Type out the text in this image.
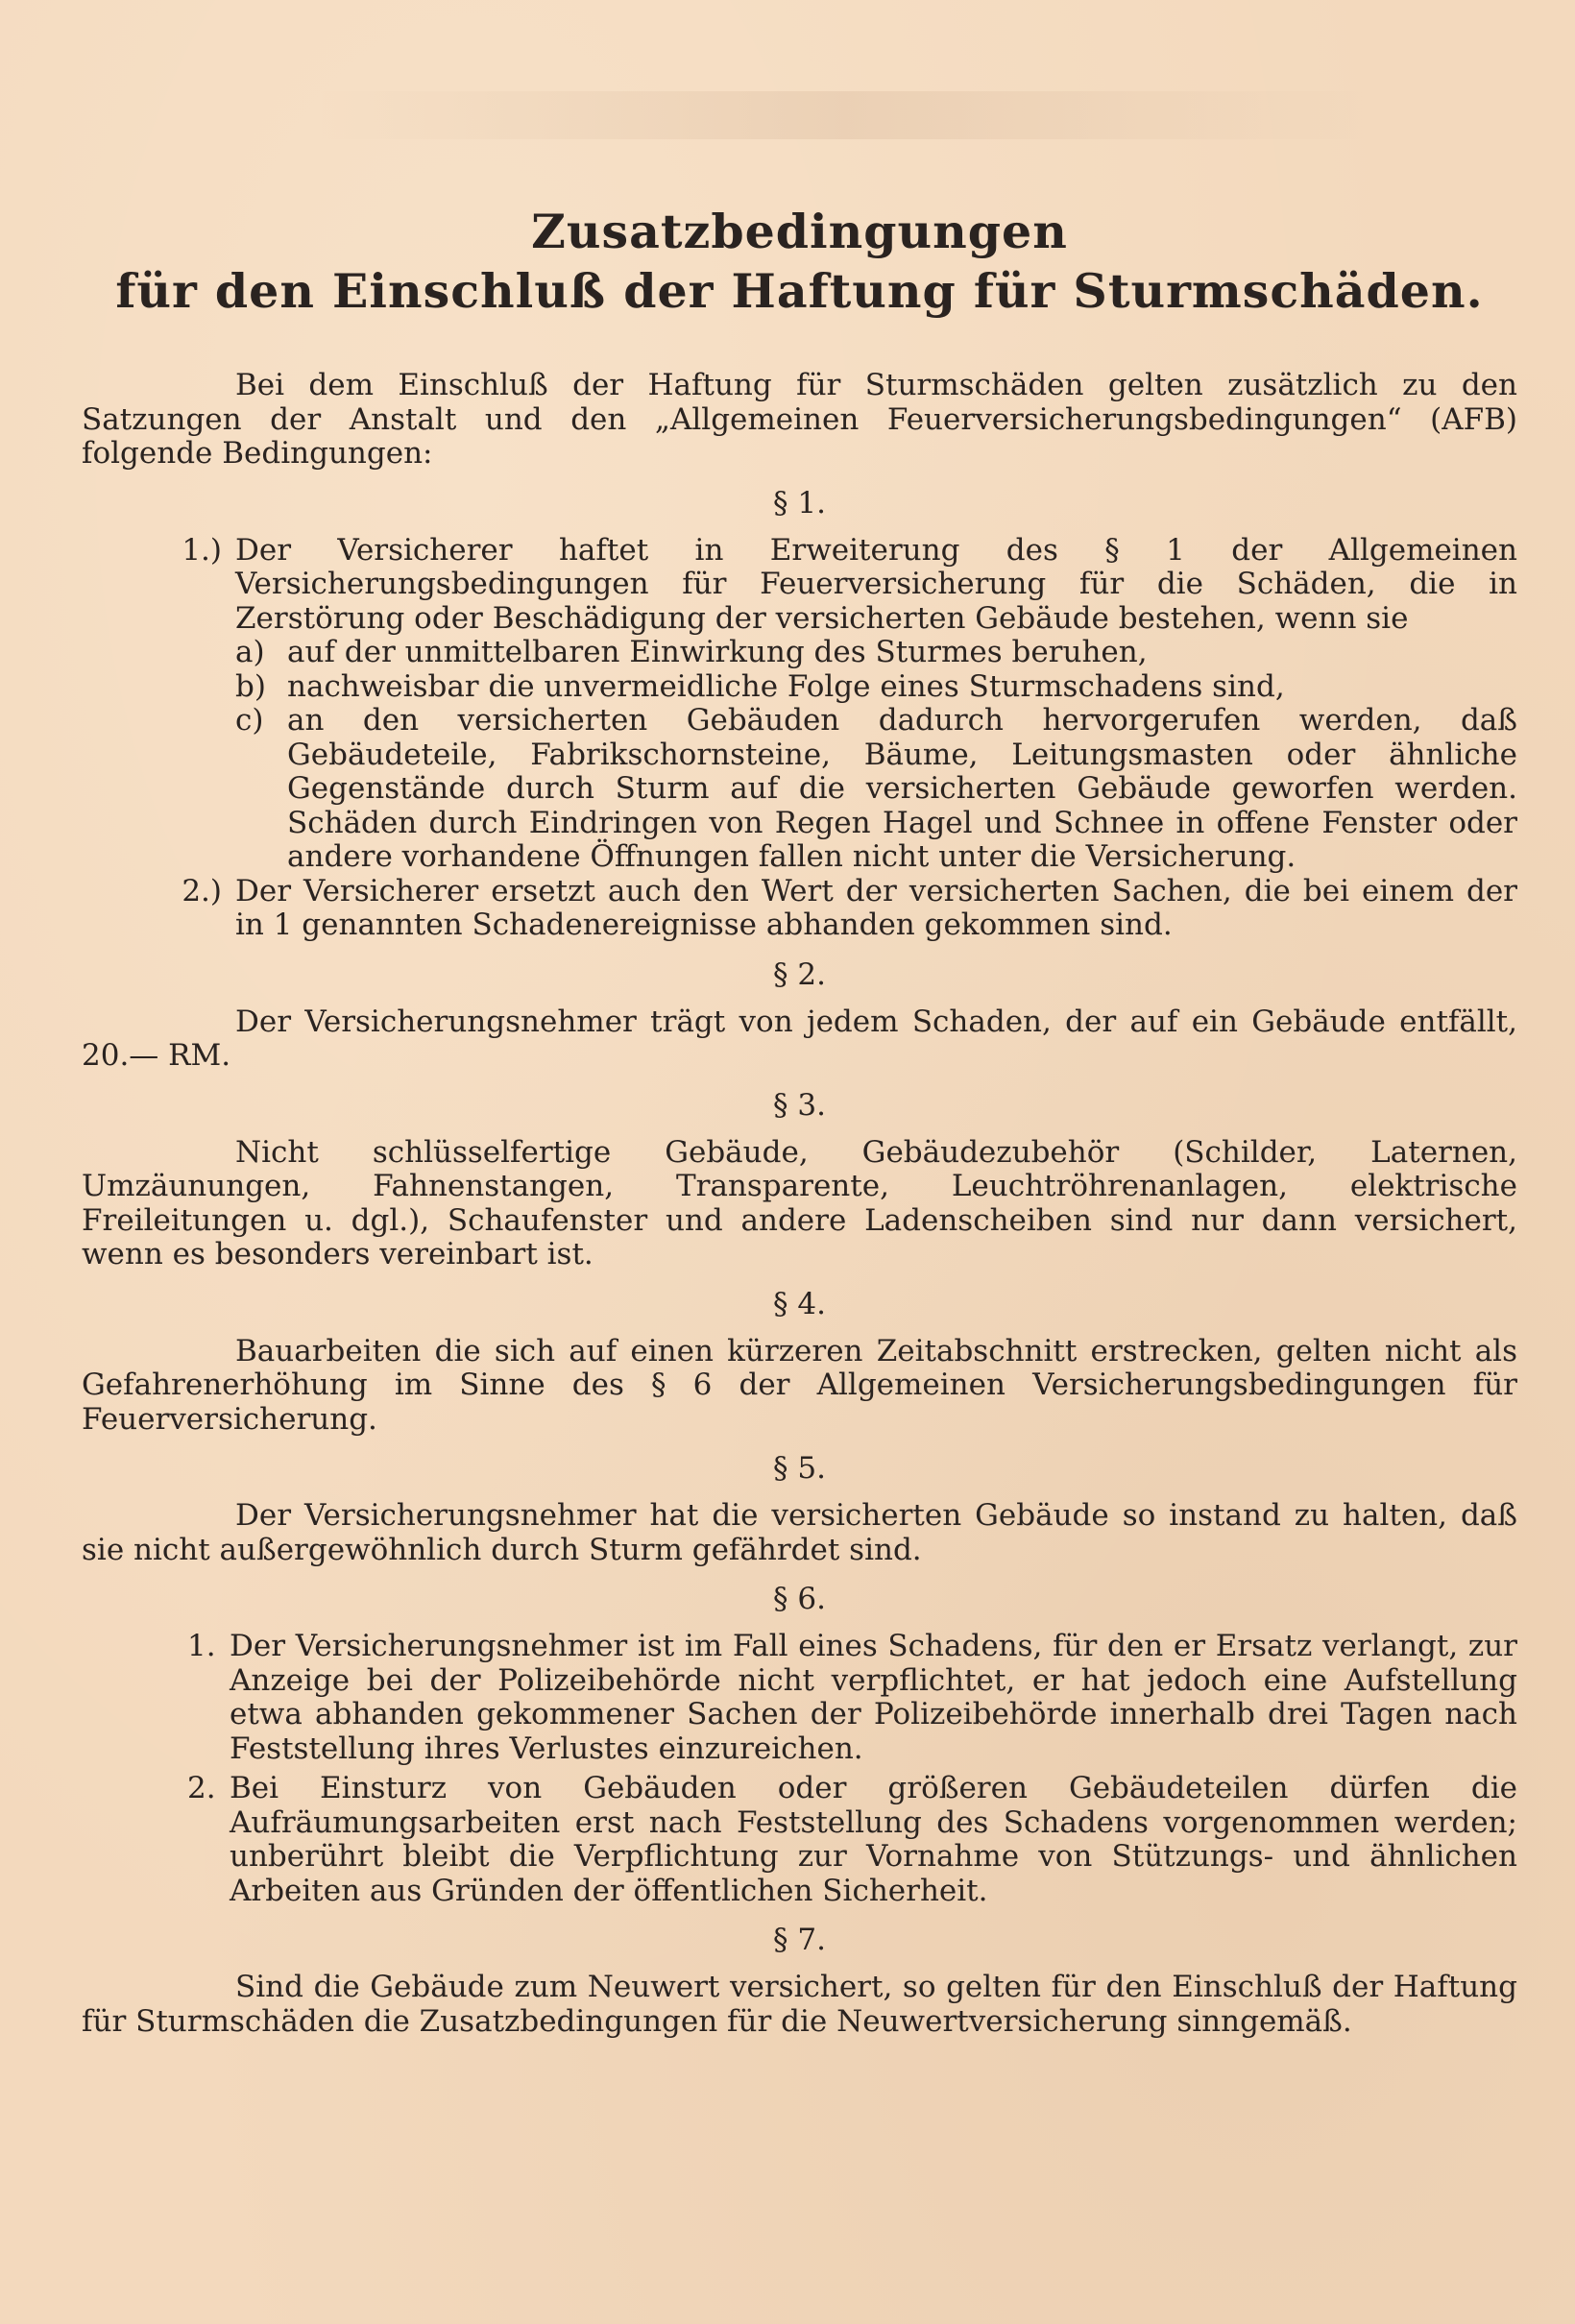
Zusatzbedingungen
für den Einschluß der Haftung für Sturmschäden.

Bei dem Einschluß der Haftung für Sturmschäden gelten zusätzlich zu den Satzungen der Anstalt und den „Allgemeinen Feuerversicherungsbedingungen“ (AFB) folgende Bedingungen:

§ 1.
1.) Der Versicherer haftet in Erweiterung des § 1 der Allgemeinen Versicherungsbedingungen für Feuerversicherung für die Schäden, die in Zerstörung oder Beschädigung der versicherten Gebäude bestehen, wenn sie
a) auf der unmittelbaren Einwirkung des Sturmes beruhen,
b) nachweisbar die unvermeidliche Folge eines Sturmschadens sind,
c) an den versicherten Gebäuden dadurch hervorgerufen werden, daß Gebäudeteile, Fabrikschornsteine, Bäume, Leitungsmasten oder ähnliche Gegenstände durch Sturm auf die versicherten Gebäude geworfen werden. Schäden durch Eindringen von Regen Hagel und Schnee in offene Fenster oder andere vorhandene Öffnungen fallen nicht unter die Versicherung.
2.) Der Versicherer ersetzt auch den Wert der versicherten Sachen, die bei einem der in 1 genannten Schadenereignisse abhanden gekommen sind.
§ 2.

Der Versicherungsnehmer trägt von jedem Schaden, der auf ein Gebäude entfällt, 20.— RM.

§ 3.

Nicht schlüsselfertige Gebäude, Gebäudezubehör (Schilder, Laternen, Umzäunungen, Fahnenstangen, Transparente, Leuchtröhrenanlagen, elektrische Freileitungen u. dgl.), Schaufenster und andere Ladenscheiben sind nur dann versichert, wenn es besonders vereinbart ist.

§ 4.

Bauarbeiten die sich auf einen kürzeren Zeitabschnitt erstrecken, gelten nicht als Gefahrenerhöhung im Sinne des § 6 der Allgemeinen Versicherungsbedingungen für Feuerversicherung.

§ 5.

Der Versicherungsnehmer hat die versicherten Gebäude so instand zu halten, daß sie nicht außergewöhnlich durch Sturm gefährdet sind.

§ 6.
1. Der Versicherungsnehmer ist im Fall eines Schadens, für den er Ersatz verlangt, zur Anzeige bei der Polizeibehörde nicht verpflichtet, er hat jedoch eine Aufstellung etwa abhanden gekommener Sachen der Polizeibehörde innerhalb drei Tagen nach Feststellung ihres Verlustes einzureichen.
2. Bei Einsturz von Gebäuden oder größeren Gebäudeteilen dürfen die Aufräumungsarbeiten erst nach Feststellung des Schadens vorgenommen werden; unberührt bleibt die Verpflichtung zur Vornahme von Stützungs- und ähnlichen Arbeiten aus Gründen der öffentlichen Sicherheit.
§ 7.

Sind die Gebäude zum Neuwert versichert, so gelten für den Einschluß der Haftung für Sturmschäden die Zusatzbedingungen für die Neuwertversicherung sinngemäß.
